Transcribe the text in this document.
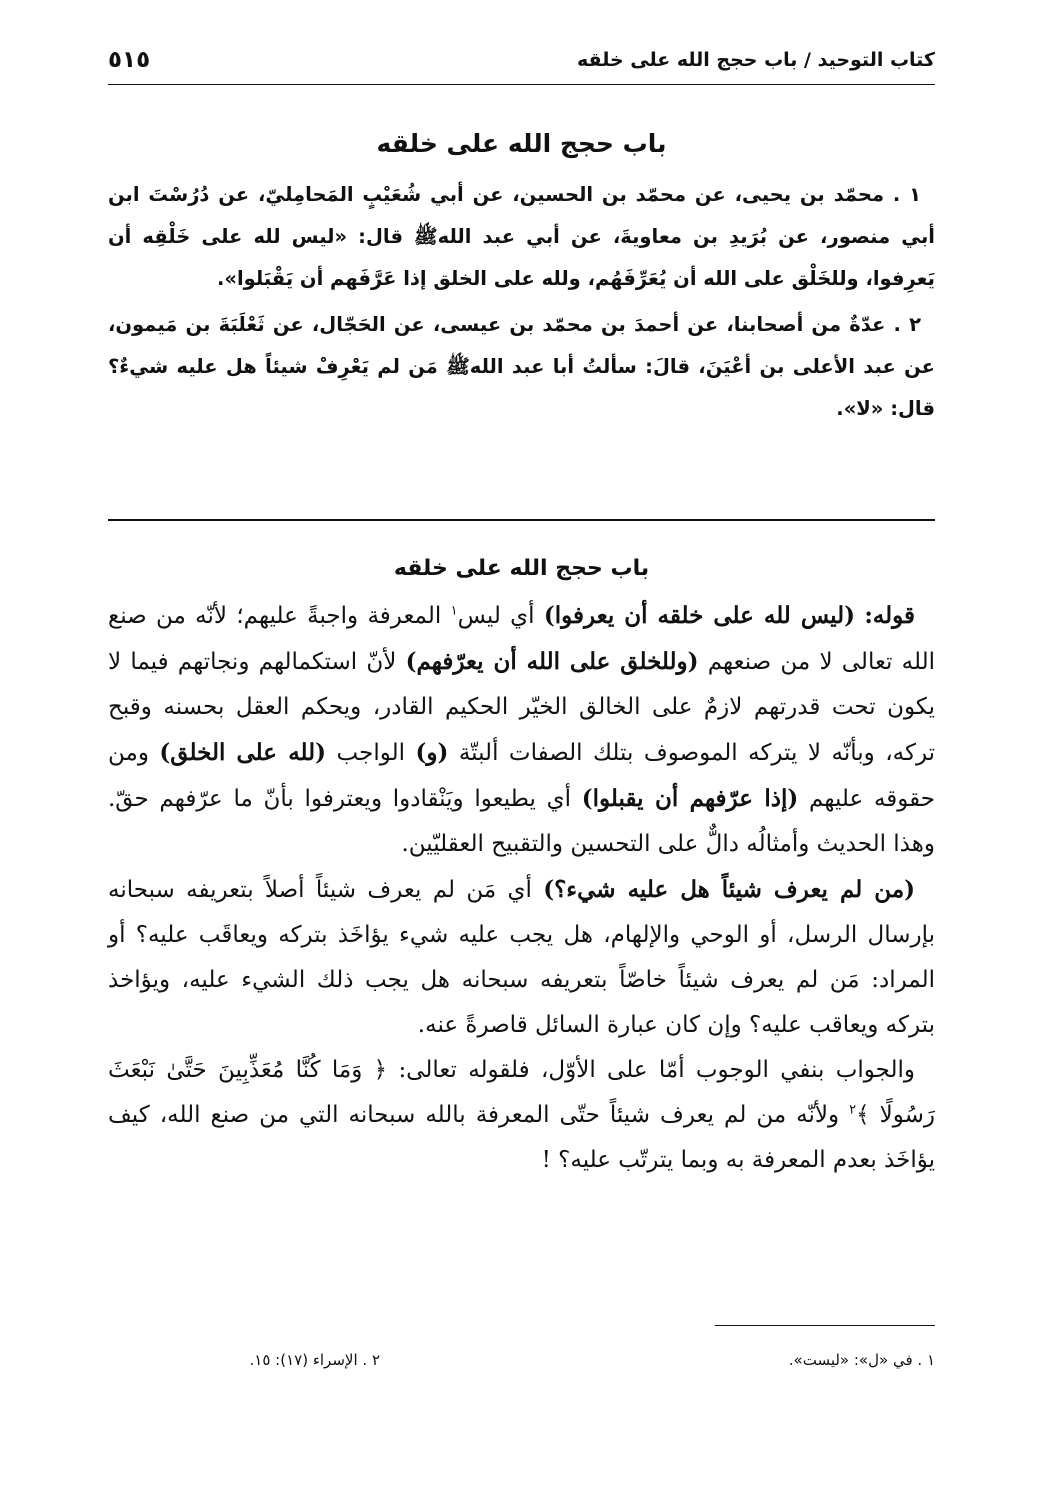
كتاب التوحيد / باب حجج الله على خلقه
٥١٥
باب حجج الله على خلقه

١ . محمّد بن يحيى، عن محمّد بن الحسين، عن أبي شُعَيْبٍ المَحامِليّ، عن دُرُسْتَ ابن أبي منصور، عن بُرَيدِ بن معاويةَ، عن أبي عبد الله‌ﷺ قال: «ليس لله على خَلْقِه أن يَعرِفوا، وللخَلْق على الله أن يُعَرِّفَهُم، ولله على الخلق إذا عَرَّفَهم أن يَقْبَلوا».

٢ . عدّةٌ من أصحابنا، عن أحمدَ بن محمّد بن عيسى، عن الحَجّال، عن ثَعْلَبَةَ بن مَيمون، عن عبد الأعلى بن أعْيَنَ، قالَ: سألتُ أبا عبد الله‌ﷺ مَن لم يَعْرِفْ شيئاً هل عليه شيءٌ؟ قال: «لا».

باب حجج الله على خلقه

قوله: (ليس لله على خلقه أن يعرفوا) أي ليس$^١$ المعرفة واجبةً عليهم؛ لأنّه من صنع الله تعالى لا من صنعهم (وللخلق على الله أن يعرّفهم) لأنّ استكمالهم ونجاتهم فيما لا يكون تحت قدرتهم لازمٌ على الخالق الخيّر الحكيم القادر، ويحكم العقل بحسنه وقبح تركه، وبأنّه لا يتركه الموصوف بتلك الصفات ألبتّة (و) الواجب (لله على الخلق) ومن حقوقه عليهم (إذا عرّفهم أن يقبلوا) أي يطيعوا ويَنْقادوا ويعترفوا بأنّ ما عرّفهم حقّ. وهذا الحديث وأمثالُه دالٌّ على التحسين والتقبيح العقليّين.

(من لم يعرف شيئاً هل عليه شيء؟) أي مَن لم يعرف شيئاً أصلاً بتعريفه سبحانه بإرسال الرسل، أو الوحي والإلهام، هل يجب عليه شيء يؤاخَذ بتركه ويعاقَب عليه؟ أو المراد: مَن لم يعرف شيئاً خاصّاً بتعريفه سبحانه هل يجب ذلك الشيء عليه، ويؤاخذ بتركه ويعاقب عليه؟ وإن كان عبارة السائل قاصرةً عنه.

والجواب بنفي الوجوب أمّا على الأوّل، فلقوله تعالى: ﴿ وَمَا كُنَّا مُعَذِّبِينَ حَتَّىٰ نَبْعَثَ رَسُولًا ﴾$^٢$ ولأنّه من لم يعرف شيئاً حتّى المعرفة بالله سبحانه التي من صنع الله، كيف يؤاخَذ بعدم المعرفة به وبما يترتّب عليه؟ !

١ . في «ل»: «ليست».
٢ . الإسراء (١٧): ١٥.
